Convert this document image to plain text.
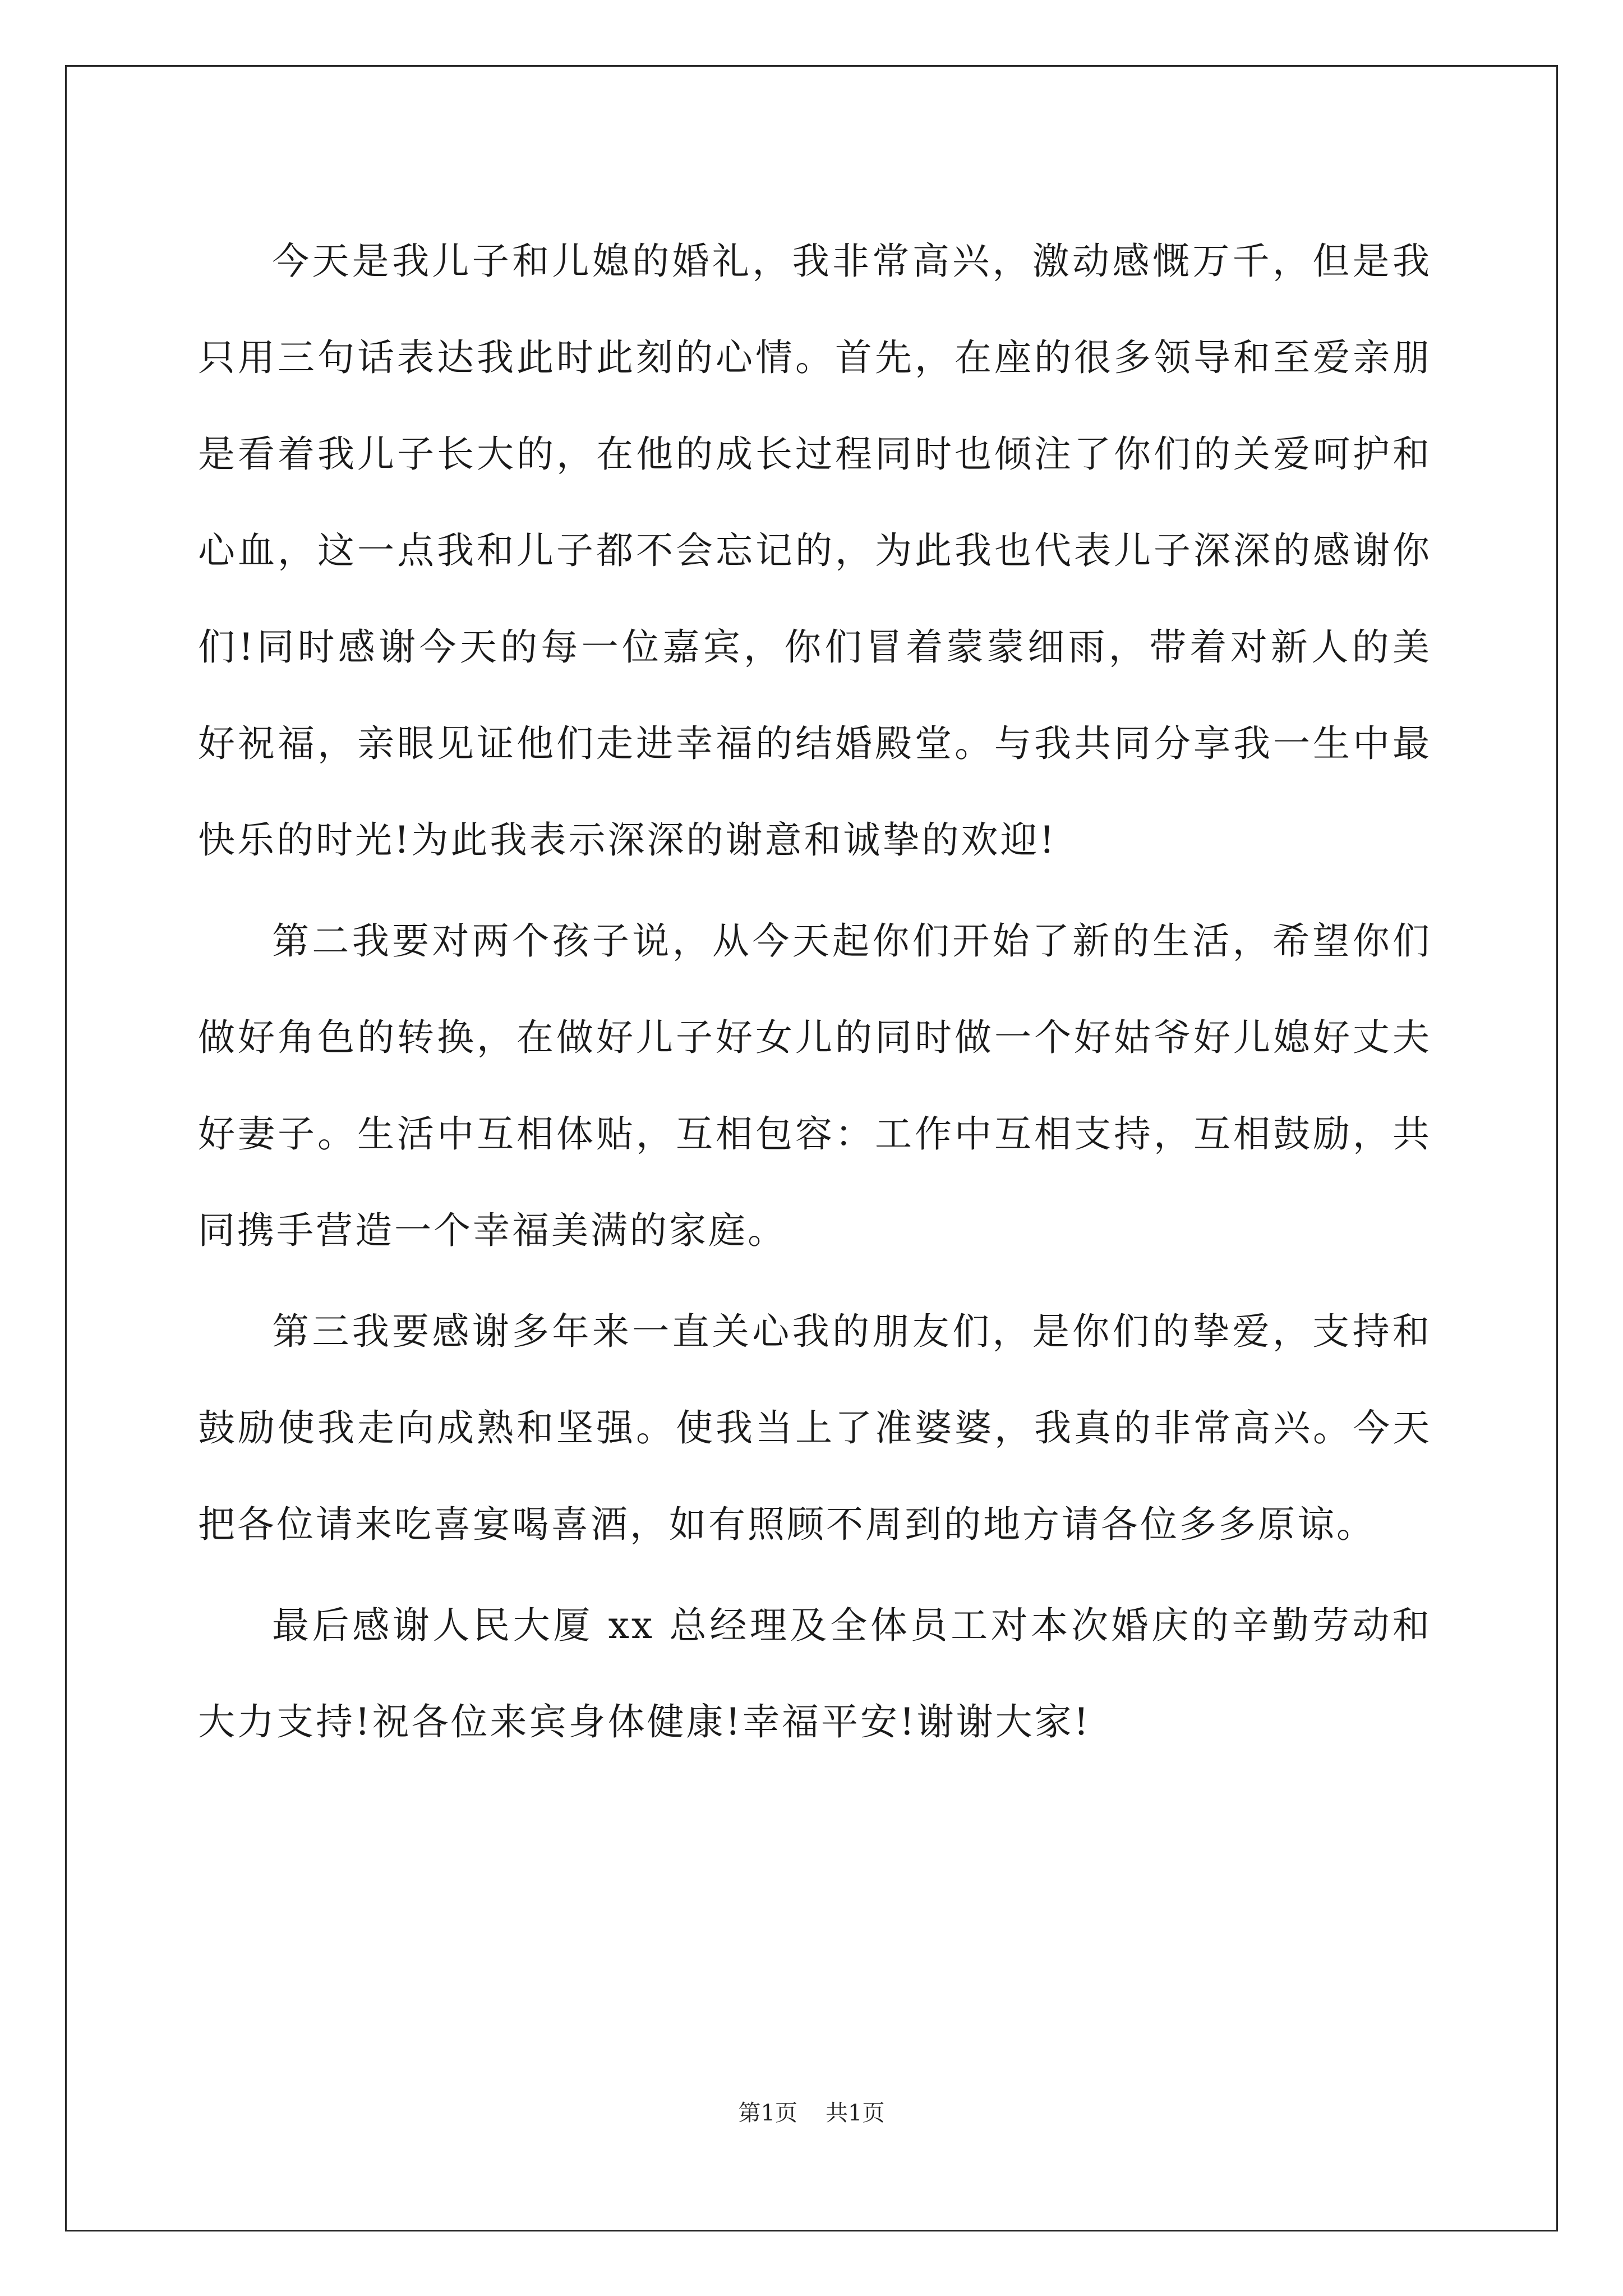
今天是我儿子和儿媳的婚礼，我非常高兴，激动感慨万千，但是我只用三句话表达我此时此刻的心情。首先，在座的很多领导和至爱亲朋是看着我儿子长大的，在他的成长过程同时也倾注了你们的关爱呵护和心血，这一点我和儿子都不会忘记的，为此我也代表儿子深深的感谢你们!同时感谢今天的每一位嘉宾，你们冒着蒙蒙细雨，带着对新人的美好祝福，亲眼见证他们走进幸福的结婚殿堂。与我共同分享我一生中最快乐的时光!为此我表示深深的谢意和诚挚的欢迎!

第二我要对两个孩子说，从今天起你们开始了新的生活，希望你们做好角色的转换，在做好儿子好女儿的同时做一个好姑爷好儿媳好丈夫好妻子。生活中互相体贴，互相包容：工作中互相支持，互相鼓励，共同携手营造一个幸福美满的家庭。

第三我要感谢多年来一直关心我的朋友们，是你们的挚爱，支持和鼓励使我走向成熟和坚强。使我当上了准婆婆，我真的非常高兴。今天把各位请来吃喜宴喝喜酒，如有照顾不周到的地方请各位多多原谅。

最后感谢人民大厦 xx 总经理及全体员工对本次婚庆的辛勤劳动和大力支持!祝各位来宾身体健康!幸福平安!谢谢大家!

第1页 共1页
